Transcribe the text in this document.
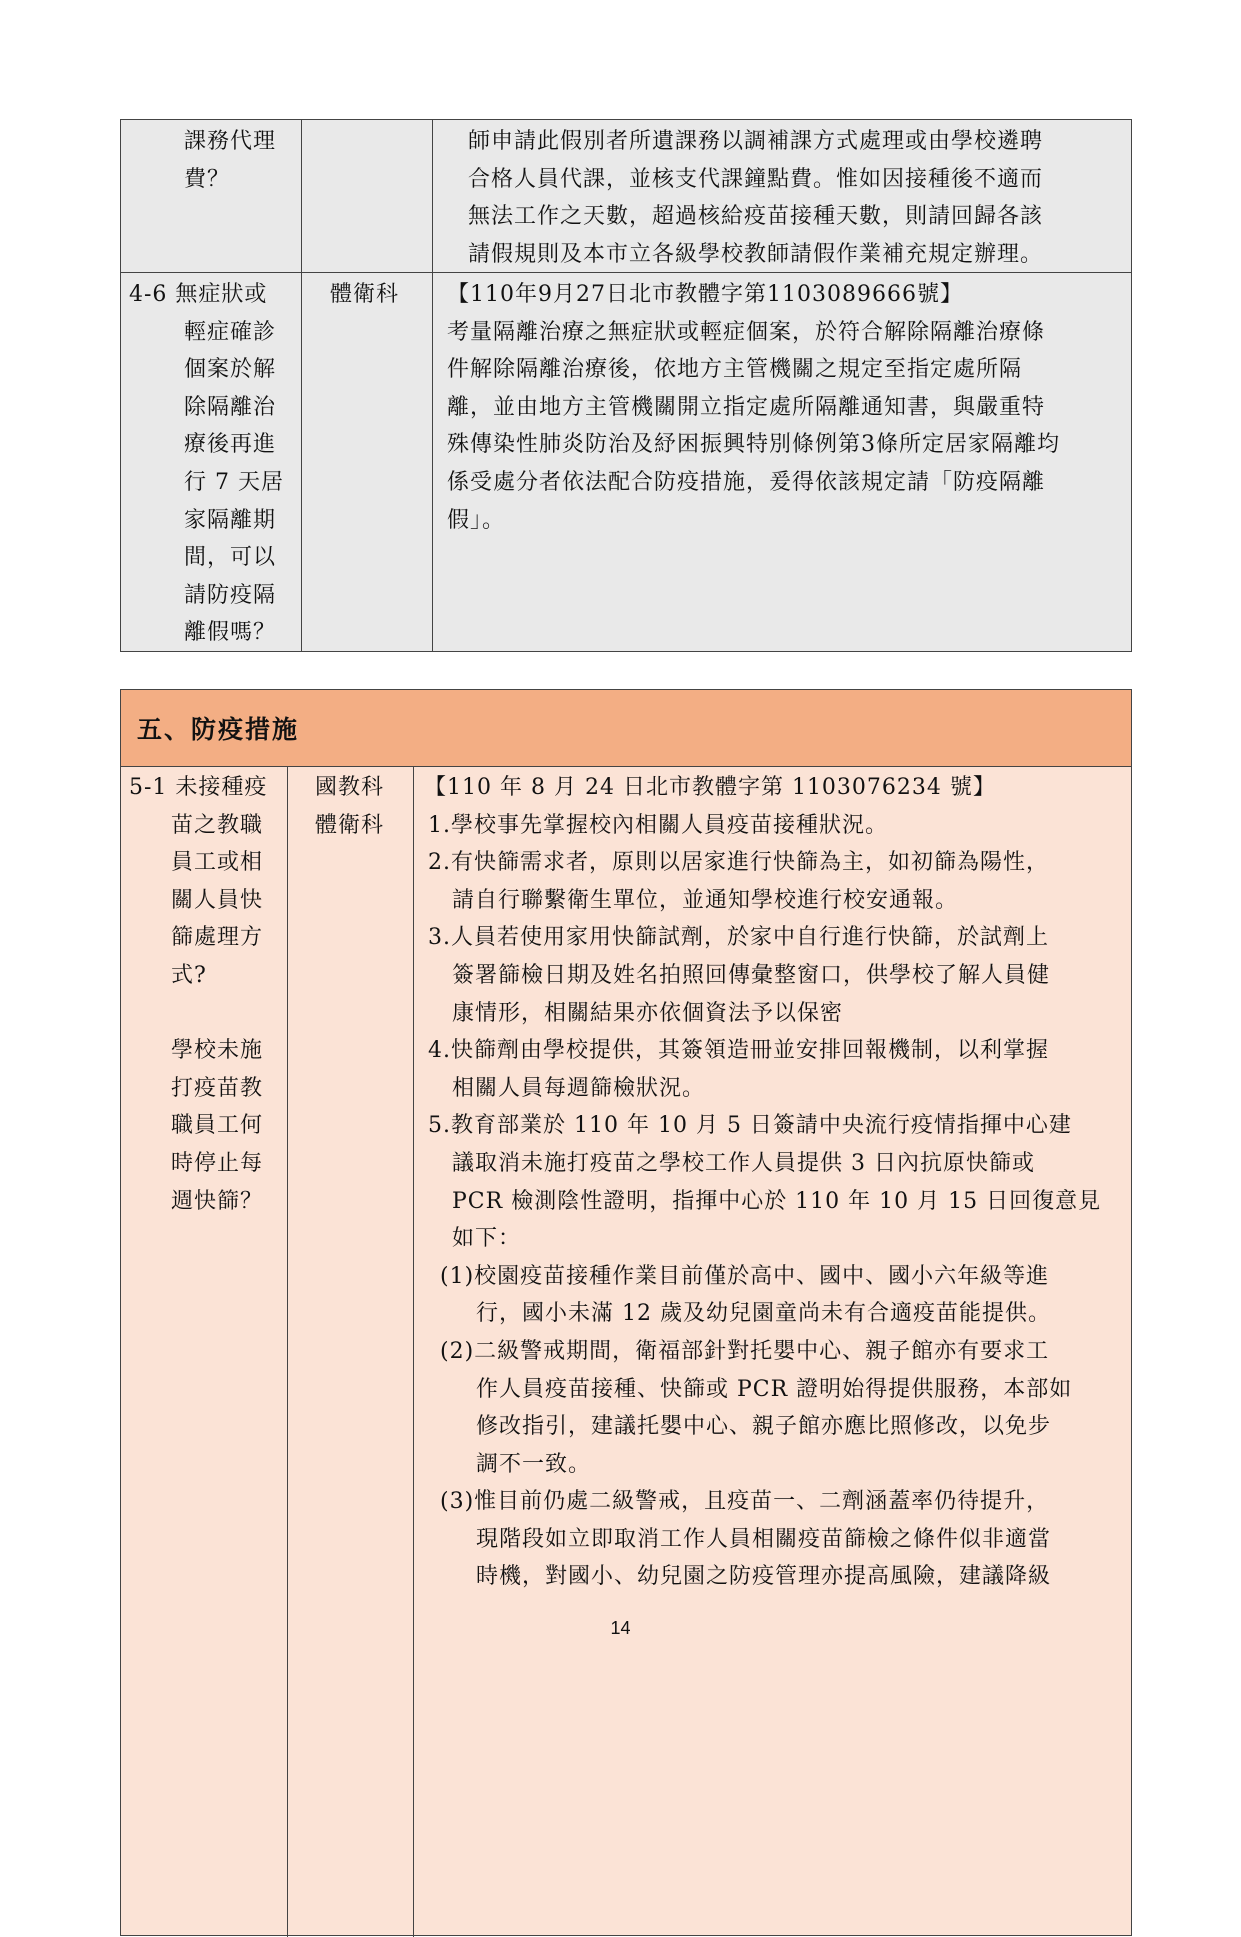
課務代理
費？
師申請此假別者所遺課務以調補課方式處理或由學校遴聘
合格人員代課，並核支代課鐘點費。惟如因接種後不適而
無法工作之天數，超過核給疫苗接種天數，則請回歸各該
請假規則及本市立各級學校教師請假作業補充規定辦理。
4-6 無症狀或
輕症確診
個案於解
除隔離治
療後再進
行 7 天居
家隔離期
間，可以
請防疫隔
離假嗎？
體衛科	【110年9月27日北市教體字第1103089666號】
考量隔離治療之無症狀或輕症個案，於符合解除隔離治療條
件解除隔離治療後，依地方主管機關之規定至指定處所隔
離，並由地方主管機關開立指定處所隔離通知書，與嚴重特
殊傳染性肺炎防治及紓困振興特別條例第3條所定居家隔離均
係受處分者依法配合防疫措施，爰得依該規定請「防疫隔離
假」。
五、防疫措施
5-1 未接種疫
苗之教職
員工或相
關人員快
篩處理方
式?
學校未施
打疫苗教
職員工何
時停止每
週快篩？
國教科
體衛科
【110 年 8 月 24 日北市教體字第 1103076234 號】
1.學校事先掌握校內相關人員疫苗接種狀況。
2.有快篩需求者，原則以居家進行快篩為主，如初篩為陽性，
請自行聯繫衛生單位，並通知學校進行校安通報。
3.人員若使用家用快篩試劑，於家中自行進行快篩，於試劑上
簽署篩檢日期及姓名拍照回傳彙整窗口，供學校了解人員健
康情形，相關結果亦依個資法予以保密
4.快篩劑由學校提供，其簽領造冊並安排回報機制，以利掌握
相關人員每週篩檢狀況。
5.教育部業於 110 年 10 月 5 日簽請中央流行疫情指揮中心建
議取消未施打疫苗之學校工作人員提供 3 日內抗原快篩或
PCR 檢測陰性證明，指揮中心於 110 年 10 月 15 日回復意見
如下：
(1)校園疫苗接種作業目前僅於高中、國中、國小六年級等進
行，國小未滿 12 歲及幼兒園童尚未有合適疫苗能提供。
(2)二級警戒期間，衛福部針對托嬰中心、親子館亦有要求工
作人員疫苗接種、快篩或 PCR 證明始得提供服務，本部如
修改指引，建議托嬰中心、親子館亦應比照修改，以免步
調不一致。
(3)惟目前仍處二級警戒，且疫苗一、二劑涵蓋率仍待提升，
現階段如立即取消工作人員相關疫苗篩檢之條件似非適當
時機，對國小、幼兒園之防疫管理亦提高風險，建議降級
14
